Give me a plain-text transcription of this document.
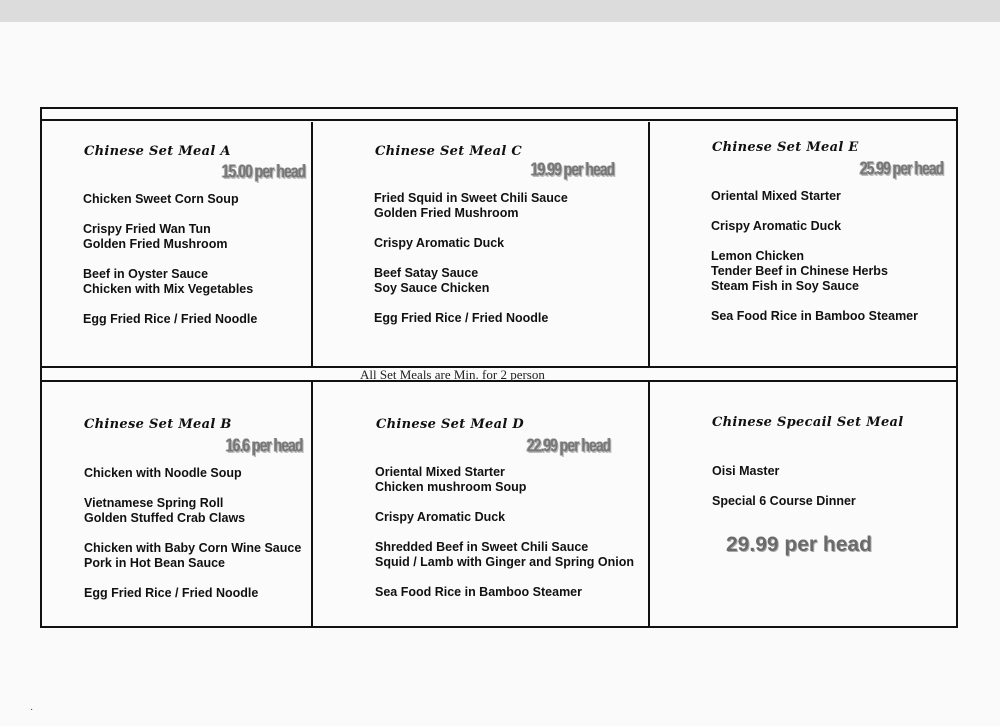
Chinese Set Meal A
15.00 per head
Chicken Sweet Corn Soup
Crispy Fried Wan Tun
Golden Fried Mushroom
Beef in Oyster Sauce
Chicken with Mix Vegetables
Egg Fried Rice / Fried Noodle
Chinese Set Meal C
19.99 per head
Fried Squid in Sweet Chili Sauce
Golden Fried Mushroom
Crispy Aromatic Duck
Beef Satay Sauce
Soy Sauce Chicken
Egg Fried Rice / Fried Noodle
Chinese Set Meal E
25.99 per head
Oriental Mixed Starter
Crispy Aromatic Duck
Lemon Chicken
Tender Beef in Chinese Herbs
Steam Fish in Soy Sauce
Sea Food Rice in Bamboo Steamer
All Set Meals are Min. for 2 person
Chinese Set Meal B
16.6 per head
Chicken with Noodle Soup
Vietnamese Spring Roll
Golden Stuffed Crab Claws
Chicken with Baby Corn Wine Sauce
Pork in Hot Bean Sauce
Egg Fried Rice / Fried Noodle
Chinese Set Meal D
22.99 per head
Oriental Mixed Starter
Chicken mushroom Soup
Crispy Aromatic Duck
Shredded Beef in Sweet Chili Sauce
Squid / Lamb with Ginger and Spring Onion
Sea Food Rice in Bamboo Steamer
Chinese Specail Set Meal
Oisi Master
Special 6 Course Dinner
29.99 per head
·
